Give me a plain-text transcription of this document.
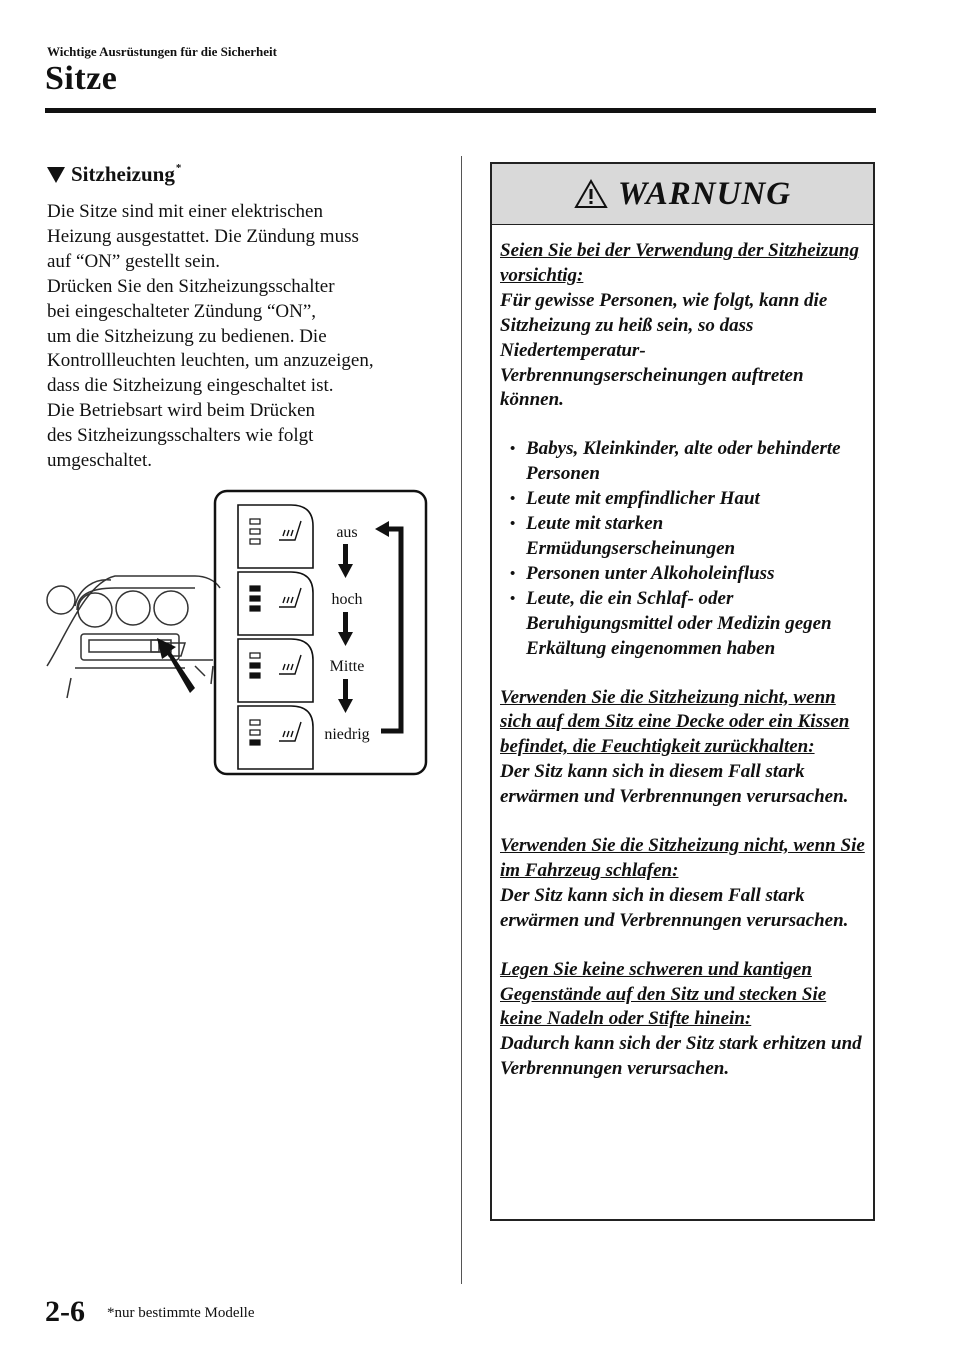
Wichtige Ausrüstungen für die Sicherheit
Sitze
Sitzheizung*

Die Sitze sind mit einer elektrischen
Heizung ausgestattet. Die Zündung muss
auf “ON” gestellt sein.
Drücken Sie den Sitzheizungsschalter
bei eingeschalteter Zündung “ON”,
um die Sitzheizung zu bedienen. Die
Kontrollleuchten leuchten, um anzuzeigen,
dass die Sitzheizung eingeschaltet ist.
Die Betriebsart wird beim Drücken
des Sitzheizungsschalters wie folgt
umgeschaltet.

aus
hoch
Mitte
niedrig
WARNUNG

Seien Sie bei der Verwendung der Sitzheizung vorsichtig:
Für gewisse Personen, wie folgt, kann die Sitzheizung zu heiß sein, so dass Niedertemperatur-Verbrennungserscheinungen auftreten können.

• Babys, Kleinkinder, alte oder behinderte Personen
• Leute mit empfindlicher Haut
• Leute mit starken Ermüdungserscheinungen
• Personen unter Alkoholeinfluss
• Leute, die ein Schlaf- oder Beruhigungsmittel oder Medizin gegen Erkältung eingenommen haben

Verwenden Sie die Sitzheizung nicht, wenn sich auf dem Sitz eine Decke oder ein Kissen befindet, die Feuchtigkeit zurückhalten:
Der Sitz kann sich in diesem Fall stark erwärmen und Verbrennungen verursachen.

Verwenden Sie die Sitzheizung nicht, wenn Sie im Fahrzeug schlafen:
Der Sitz kann sich in diesem Fall stark erwärmen und Verbrennungen verursachen.

Legen Sie keine schweren und kantigen Gegenstände auf den Sitz und stecken Sie keine Nadeln oder Stifte hinein:
Dadurch kann sich der Sitz stark erhitzen und Verbrennungen verursachen.

2-6 *nur bestimmte Modelle
